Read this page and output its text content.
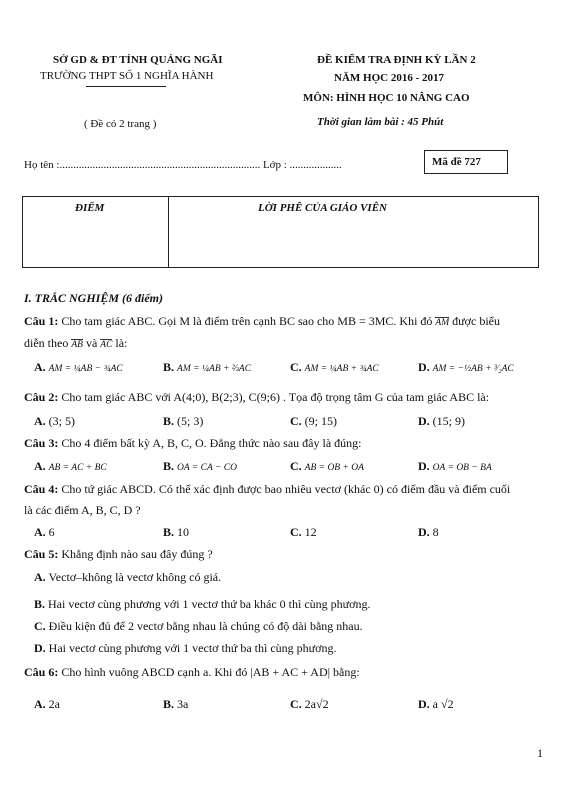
SỞ GD & ĐT TỈNH QUẢNG NGÃI
TRƯỜNG THPT SỐ 1 NGHĨA HÀNH
ĐỀ KIỂM TRA ĐỊNH KỲ LẦN 2
NĂM HỌC 2016 - 2017
MÔN: HÌNH HỌC 10 NÂNG CAO
( Đề có 2 trang )	Thời gian làm bài : 45 Phút
Họ tên :......................................................................... Lớp : ...................	Mã đề 727
ĐIỂM	LỜI PHÊ CỦA GIÁO VIÊN
I. TRẮC NGHIỆM (6 điểm)
Câu 1: Cho tam giác ABC. Gọi M là điểm trên cạnh BC sao cho MB = 3MC. Khi đó AM được biểu
diễn theo AB và AC là:
A. AM = ¼AB − ¾AC	B. AM = ¼AB + ⅔AC	C. AM = ¼AB + ¾AC	D. AM = −½AB + ³⁄₂AC
Câu 2: Cho tam giác ABC với A(4;0), B(2;3), C(9;6) . Tọa độ trọng tâm G của tam giác ABC là:
A. (3; 5)	B. (5; 3)	C. (9; 15)	D. (15; 9)
Câu 3: Cho 4 điểm bất kỳ A, B, C, O. Đẳng thức nào sau đây là đúng:
A. AB = AC + BC	B. OA = CA − CO	C. AB = OB + OA	D. OA = OB − BA
Câu 4: Cho tứ giác ABCD. Có thể xác định được bao nhiêu vectơ (khác 0) có điểm đầu và điểm cuối
là các điểm A, B, C, D ?
A. 6	B. 10	C. 12	D. 8
Câu 5: Khẳng định nào sau đây đúng ?
A. Vectơ–không là vectơ không có giá.
B. Hai vectơ cùng phương với 1 vectơ thứ ba khác 0 thì cùng phương.
C. Điều kiện đủ để 2 vectơ bằng nhau là chúng có độ dài bằng nhau.
D. Hai vectơ cùng phương với 1 vectơ thứ ba thì cùng phương.
Câu 6: Cho hình vuông ABCD cạnh a. Khi đó |AB + AC + AD| bằng:
A. 2a	B. 3a	C. 2a√2	D. a √2
1
